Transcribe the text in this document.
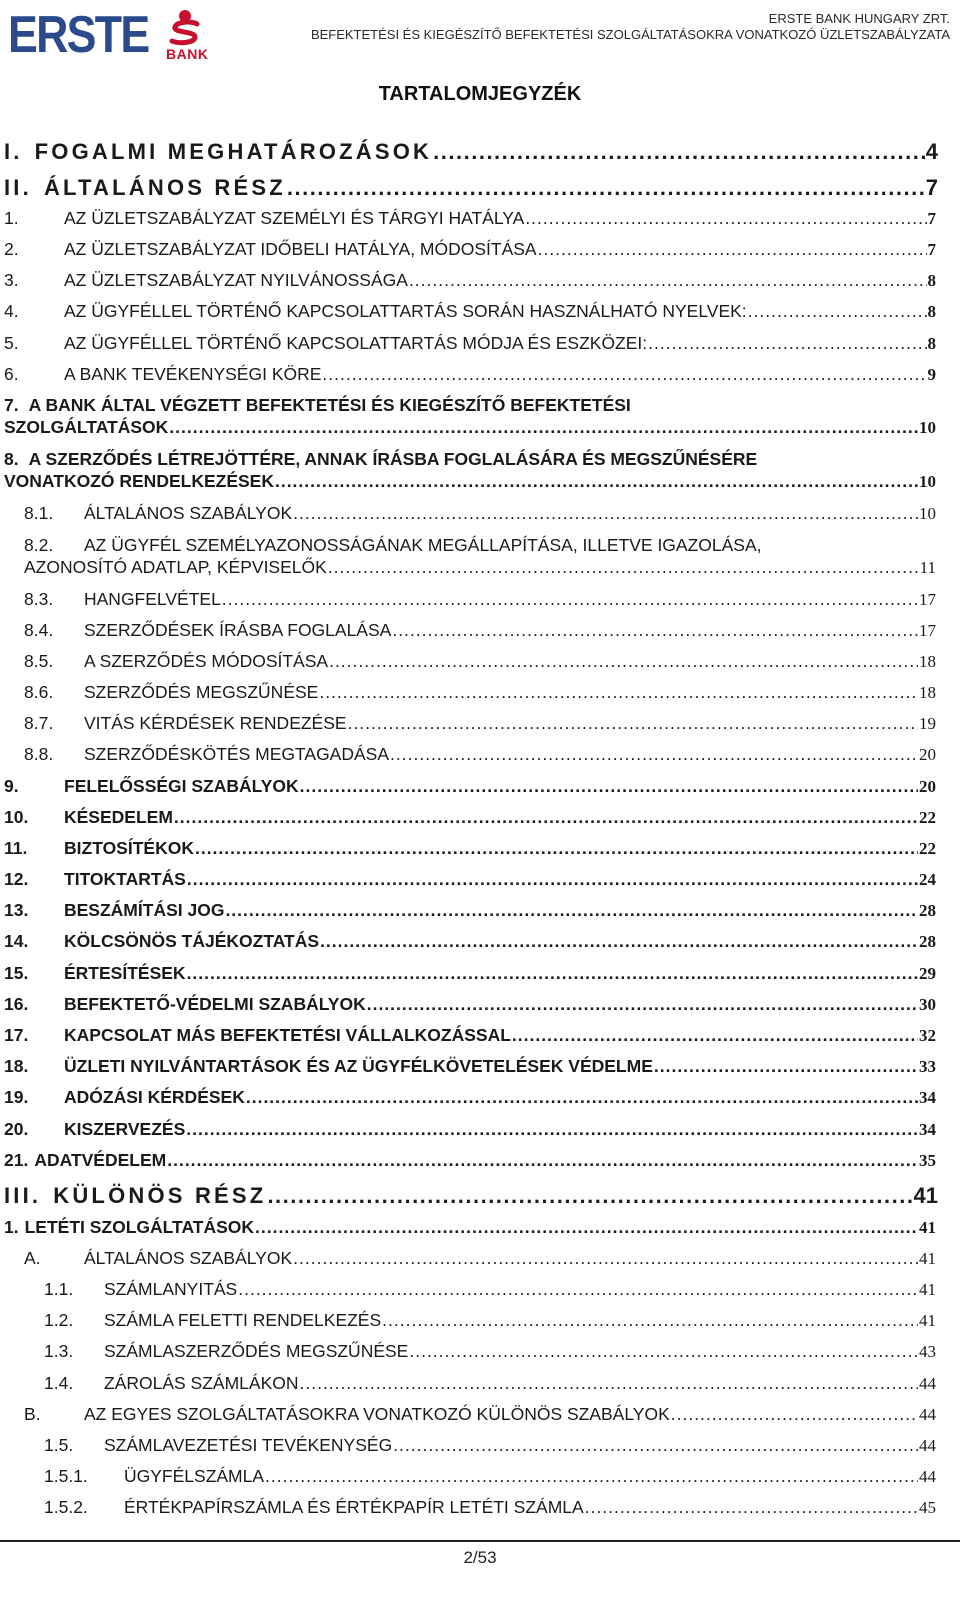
ERSTE BANK
ERSTE BANK HUNGARY ZRT.
BEFEKTETÉSI ÉS KIEGÉSZÍTŐ BEFEKTETÉSI SZOLGÁLTATÁSOKRA VONATKOZÓ ÜZLETSZABÁLYZATA
TARTALOMJEGYZÉK
I. FOGALMI MEGHATÁROZÁSOK .....	4
II. ÁLTALÁNOS RÉSZ .....	7
1.	AZ ÜZLETSZABÁLYZAT SZEMÉLYI ÉS TÁRGYI HATÁLYA .....	7
2.	AZ ÜZLETSZABÁLYZAT IDŐBELI HATÁLYA, MÓDOSÍTÁSA .....	7
3.	AZ ÜZLETSZABÁLYZAT NYILVÁNOSSÁGA .....	8
4.	AZ ÜGYFÉLLEL TÖRTÉNŐ KAPCSOLATTARTÁS SORÁN HASZNÁLHATÓ NYELVEK: .....	8
5.	AZ ÜGYFÉLLEL TÖRTÉNŐ KAPCSOLATTARTÁS MÓDJA ÉS ESZKÖZEI: .....	8
6.	A BANK TEVÉKENYSÉGI KÖRE .....	9
7. A BANK ÁLTAL VÉGZETT BEFEKTETÉSI ÉS KIEGÉSZÍTŐ BEFEKTETÉSI
SZOLGÁLTATÁSOK .....	10
8. A SZERZŐDÉS LÉTREJÖTTÉRE, ANNAK ÍRÁSBA FOGLALÁSÁRA ÉS MEGSZŰNÉSÉRE
VONATKOZÓ RENDELKEZÉSEK .....	10
8.1.	ÁLTALÁNOS SZABÁLYOK .....	10
8.2.	AZ ÜGYFÉL SZEMÉLYAZONOSSÁGÁNAK MEGÁLLAPÍTÁSA, ILLETVE IGAZOLÁSA,
AZONOSÍTÓ ADATLAP, KÉPVISELŐK .....	11
8.3.	HANGFELVÉTEL .....	17
8.4.	SZERZŐDÉSEK ÍRÁSBA FOGLALÁSA .....	17
8.5.	A SZERZŐDÉS MÓDOSÍTÁSA .....	18
8.6.	SZERZŐDÉS MEGSZŰNÉSE .....	18
8.7.	VITÁS KÉRDÉSEK RENDEZÉSE .....	19
8.8.	SZERZŐDÉSKÖTÉS MEGTAGADÁSA .....	20
9.	FELELŐSSÉGI SZABÁLYOK .....	20
10.	KÉSEDELEM .....	22
11.	BIZTOSÍTÉKOK .....	22
12.	TITOKTARTÁS .....	24
13.	BESZÁMÍTÁSI JOG .....	28
14.	KÖLCSÖNÖS TÁJÉKOZTATÁS .....	28
15.	ÉRTESÍTÉSEK .....	29
16.	BEFEKTETŐ-VÉDELMI SZABÁLYOK .....	30
17.	KAPCSOLAT MÁS BEFEKTETÉSI VÁLLALKOZÁSSAL .....	32
18.	ÜZLETI NYILVÁNTARTÁSOK ÉS AZ ÜGYFÉLKÖVETELÉSEK VÉDELME .....	33
19.	ADÓZÁSI KÉRDÉSEK .....	34
20.	KISZERVEZÉS .....	34
21. ADATVÉDELEM .....	35
III. KÜLÖNÖS RÉSZ .....	41
1. LETÉTI SZOLGÁLTATÁSOK .....	41
A.	ÁLTALÁNOS SZABÁLYOK .....	41
1.1.	SZÁMLANYITÁS .....	41
1.2.	SZÁMLA FELETTI RENDELKEZÉS .....	41
1.3.	SZÁMLASZERZŐDÉS MEGSZŰNÉSE .....	43
1.4.	ZÁROLÁS SZÁMLÁKON .....	44
B.	AZ EGYES SZOLGÁLTATÁSOKRA VONATKOZÓ KÜLÖNÖS SZABÁLYOK .....	44
1.5.	SZÁMLAVEZETÉSI TEVÉKENYSÉG .....	44
1.5.1.	ÜGYFÉLSZÁMLA .....	44
1.5.2.	ÉRTÉKPAPÍRSZÁMLA ÉS ÉRTÉKPAPÍR LETÉTI SZÁMLA .....	45
2/53
